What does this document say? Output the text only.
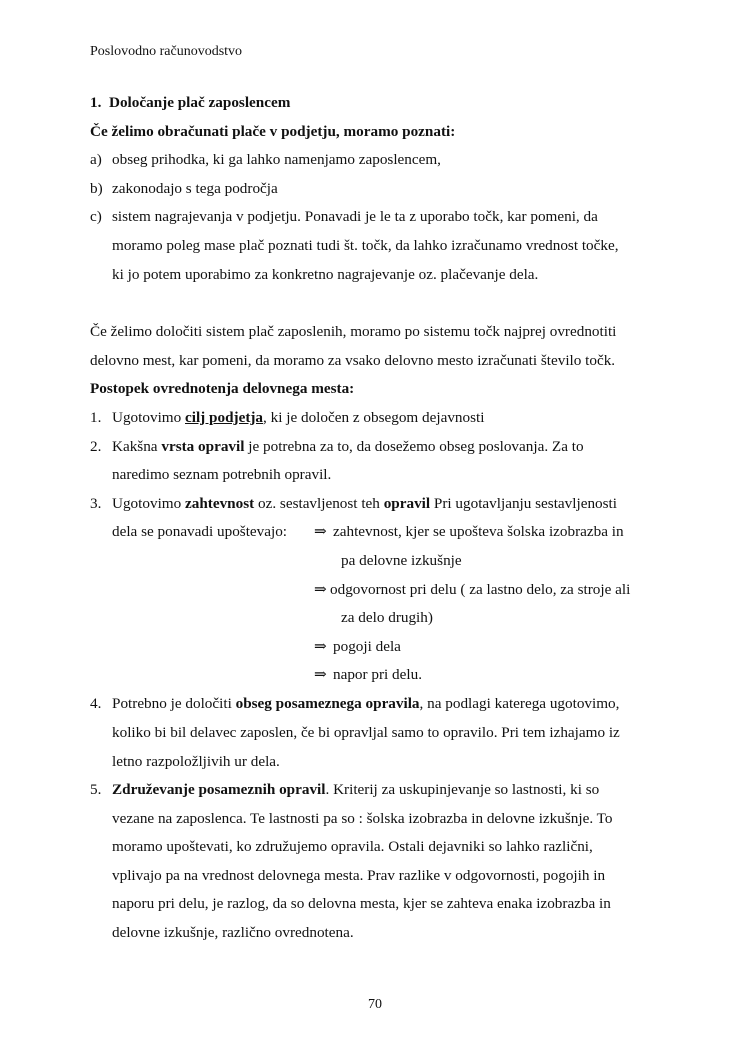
Poslovodno računovodstvo
1. Določanje plač zaposlencem
Če želimo obračunati plače v podjetju, moramo poznati:
a) obseg prihodka, ki ga lahko namenjamo zaposlencem,
b) zakonodajo s tega področja
c) sistem nagrajevanja v podjetju. Ponavadi je le ta z uporabo točk, kar pomeni, da
moramo poleg mase plač poznati tudi št. točk, da lahko izračunamo vrednost točke,
ki jo potem uporabimo za konkretno nagrajevanje oz. plačevanje dela.
Če želimo določiti sistem plač zaposlenih, moramo po sistemu točk najprej ovrednotiti
delovno mest, kar pomeni, da moramo za vsako delovno mesto izračunati število točk.
Postopek ovrednotenja delovnega mesta:
1. Ugotovimo cilj podjetja, ki je določen z obsegom dejavnosti
2. Kakšna vrsta opravil je potrebna za to, da dosežemo obseg poslovanja. Za to
naredimo seznam potrebnih opravil.
3. Ugotovimo zahtevnost oz. sestavljenost teh opravil Pri ugotavljanju sestavljenosti
dela se ponavadi upoštevajo: ⇒ zahtevnost, kjer se upošteva šolska izobrazba in
pa delovne izkušnje
⇒ odgovornost pri delu ( za lastno delo, za stroje ali
za delo drugih)
⇒ pogoji dela
⇒ napor pri delu.
4. Potrebno je določiti obseg posameznega opravila, na podlagi katerega ugotovimo,
koliko bi bil delavec zaposlen, če bi opravljal samo to opravilo. Pri tem izhajamo iz
letno razpoložljivih ur dela.
5. Združevanje posameznih opravil. Kriterij za uskupinjevanje so lastnosti, ki so
vezane na zaposlenca. Te lastnosti pa so : šolska izobrazba in delovne izkušnje. To
moramo upoštevati, ko združujemo opravila. Ostali dejavniki so lahko različni,
vplivajo pa na vrednost delovnega mesta. Prav razlike v odgovornosti, pogojih in
naporu pri delu, je razlog, da so delovna mesta, kjer se zahteva enaka izobrazba in
delovne izkušnje, različno ovrednotena.
70
